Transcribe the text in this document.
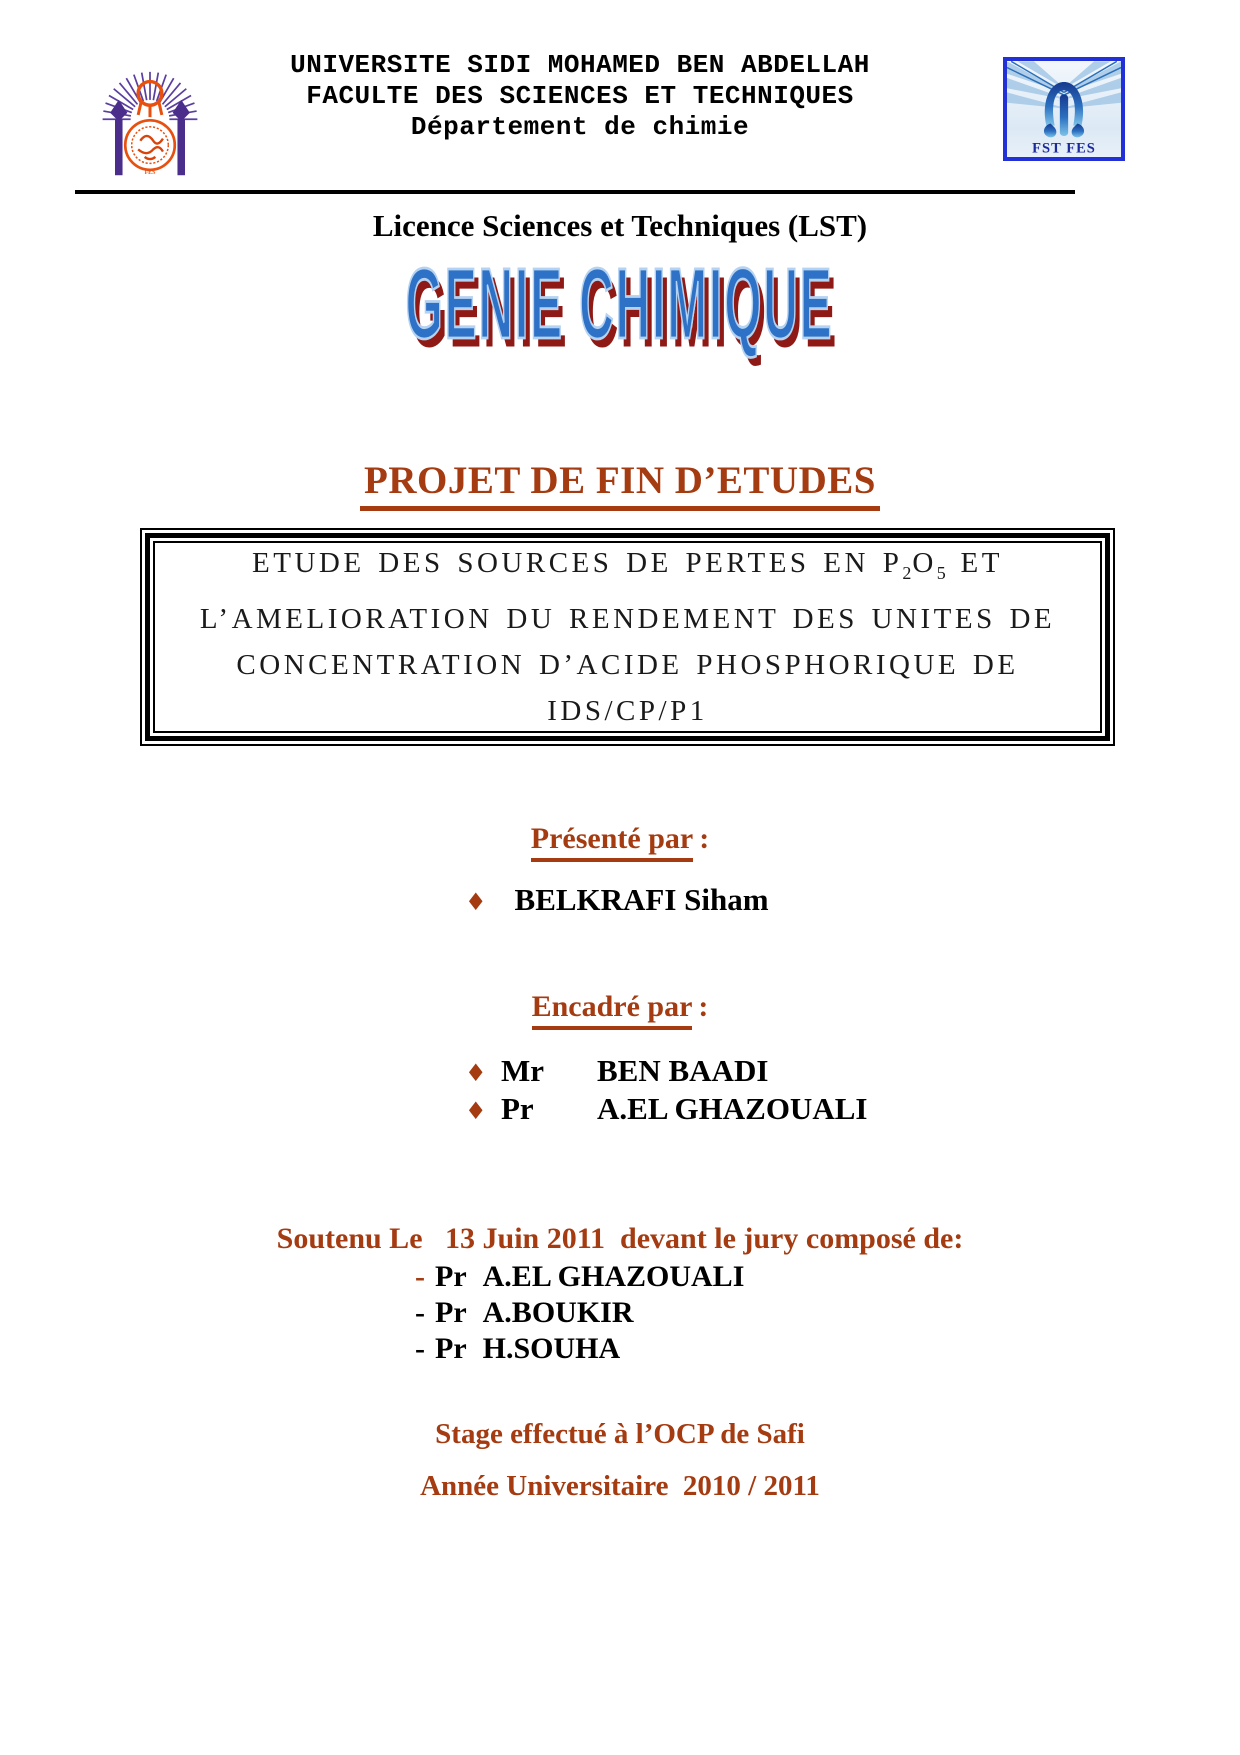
FES
UNIVERSITE SIDI MOHAMED BEN ABDELLAH
FACULTE DES SCIENCES ET TECHNIQUES
Département de chimie
FST FES
Licence Sciences et Techniques (LST)
GENIE CHIMIQUE
PROJET DE FIN D’ETUDES
ETUDE DES SOURCES DE PERTES EN $P_2O_5$ ET
L’AMELIORATION DU RENDEMENT DES UNITES DE
CONCENTRATION D’ACIDE PHOSPHORIQUE DE
IDS/CP/P1
Présenté par :
♦ BELKRAFI Siham
Encadré par :
♦ Mr	BEN BAADI
♦ Pr	A.EL GHAZOUALI
Soutenu Le   13 Juin 2011  devant le jury composé de:
- Pr A.EL GHAZOUALI
- Pr A.BOUKIR
- Pr H.SOUHA
Stage effectué à l’OCP de Safi
Année Universitaire  2010 / 2011
